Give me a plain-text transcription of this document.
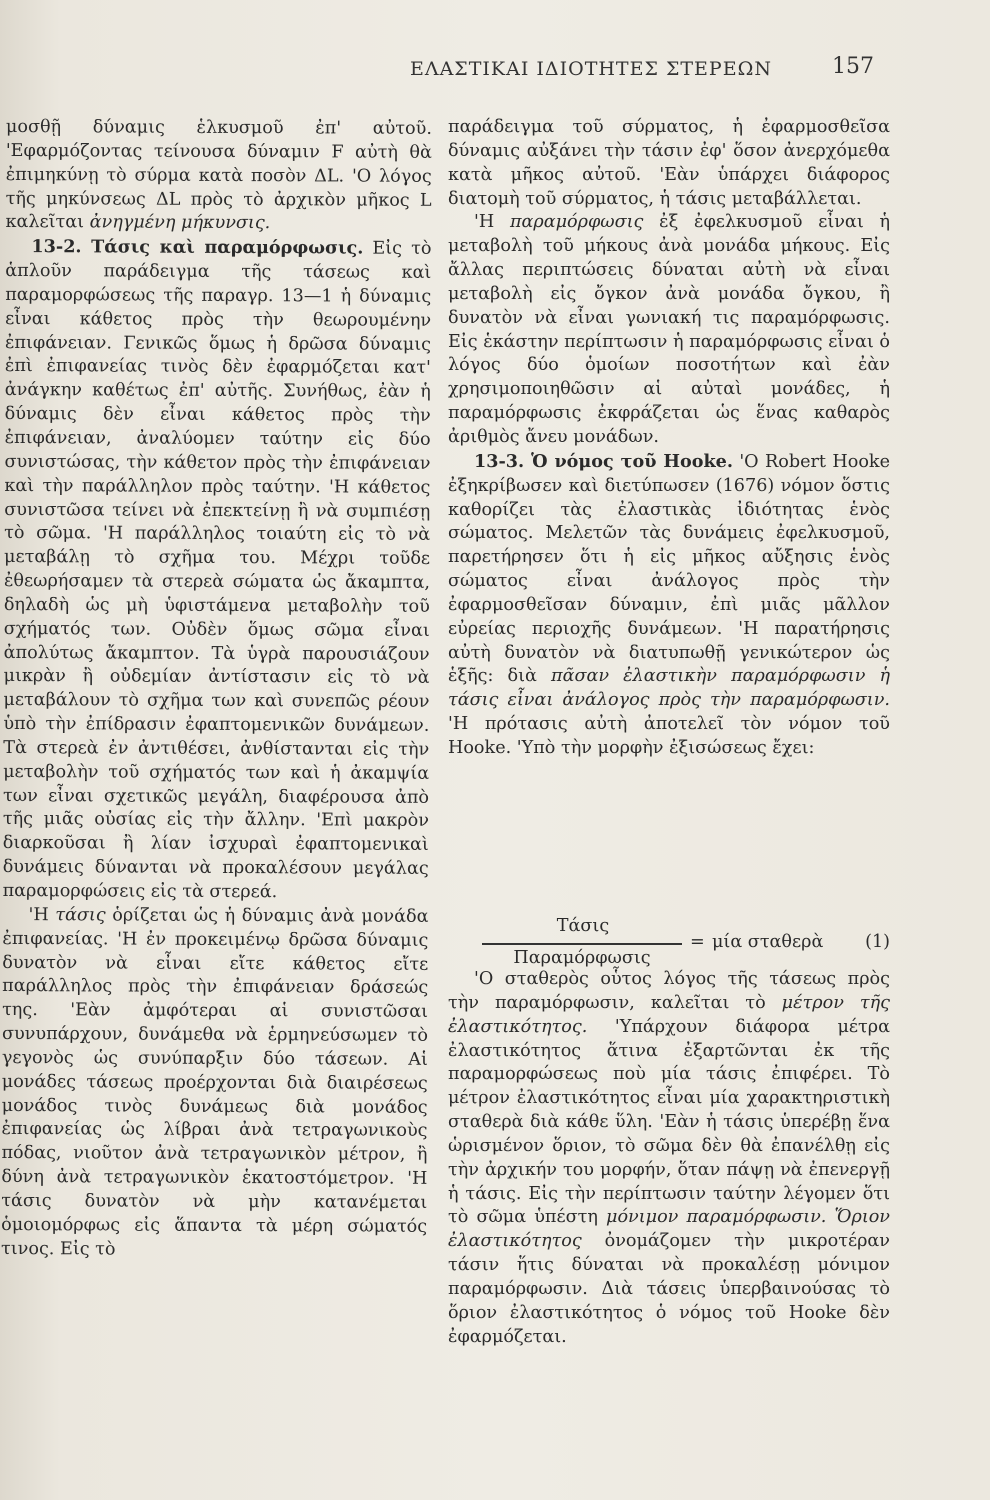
ΕΛΑΣΤΙΚΑΙ ΙΔΙΟΤΗΤΕΣ ΣΤΕΡΕΩΝ	157

μοσθῇ δύναμις ἑλκυσμοῦ ἐπ' αὐτοῦ. 'Εφαρμόζοντας τείνουσα δύναμιν F αὐτὴ θὰ ἐπιμηκύνῃ τὸ σύρμα κατὰ ποσὸν ΔL. 'Ο λόγος τῆς μηκύνσεως ΔL πρὸς τὸ ἀρχικὸν μῆκος L καλεῖται ἀνηγμένη μήκυνσις.

13-2. Τάσις καὶ παραμόρφωσις. Εἰς τὸ ἁπλοῦν παράδειγμα τῆς τάσεως καὶ παραμορφώσεως τῆς παραγρ. 13—1 ἡ δύναμις εἶναι κάθετος πρὸς τὴν θεωρουμένην ἐπιφάνειαν. Γενικῶς ὅμως ἡ δρῶσα δύναμις ἐπὶ ἐπιφανείας τινὸς δὲν ἐφαρμόζεται κατ' ἀνάγκην καθέτως ἐπ' αὐτῆς. Συνήθως, ἐὰν ἡ δύναμις δὲν εἶναι κάθετος πρὸς τὴν ἐπιφάνειαν, ἀναλύομεν ταύτην εἰς δύο συνιστώσας, τὴν κάθετον πρὸς τὴν ἐπιφάνειαν καὶ τὴν παράλληλον πρὸς ταύτην. 'Η κάθετος συνιστῶσα τείνει νὰ ἐπεκτείνῃ ἢ νὰ συμπιέσῃ τὸ σῶμα. 'Η παράλληλος τοιαύτη εἰς τὸ νὰ μεταβάλῃ τὸ σχῆμα του. Μέχρι τοῦδε ἐθεωρήσαμεν τὰ στερεὰ σώματα ὡς ἄκαμπτα, δηλαδὴ ὡς μὴ ὑφιστάμενα μεταβολὴν τοῦ σχήματός των. Οὐδὲν ὅμως σῶμα εἶναι ἀπολύτως ἄκαμπτον. Τὰ ὑγρὰ παρουσιάζουν μικρὰν ἢ οὐδεμίαν ἀντίστασιν εἰς τὸ νὰ μεταβάλουν τὸ σχῆμα των καὶ συνεπῶς ρέουν ὑπὸ τὴν ἐπίδρασιν ἐφαπτομενικῶν δυνάμεων. Τὰ στερεὰ ἐν ἀντιθέσει, ἀνθίστανται εἰς τὴν μεταβολὴν τοῦ σχήματός των καὶ ἡ ἀκαμψία των εἶναι σχετικῶς μεγάλη, διαφέρουσα ἀπὸ τῆς μιᾶς οὐσίας εἰς τὴν ἄλλην. 'Επὶ μακρὸν διαρκοῦσαι ἢ λίαν ἰσχυραὶ ἐφαπτομενικαὶ δυνάμεις δύνανται νὰ προκαλέσουν μεγάλας παραμορφώσεις εἰς τὰ στερεά.

'Η τάσις ὁρίζεται ὡς ἡ δύναμις ἀνὰ μονάδα ἐπιφανείας. 'Η ἐν προκειμένῳ δρῶσα δύναμις δυνατὸν νὰ εἶναι εἴτε κάθετος εἴτε παράλληλος πρὸς τὴν ἐπιφάνειαν δράσεώς της. 'Εὰν ἀμφότεραι αἱ συνιστῶσαι συνυπάρχουν, δυνάμεθα νὰ ἑρμηνεύσωμεν τὸ γεγονὸς ὡς συνύπαρξιν δύο τάσεων. Αἱ μονάδες τάσεως προέρχονται διὰ διαιρέσεως μονάδος τινὸς δυνάμεως διὰ μονάδος ἐπιφανείας ὡς λίβραι ἀνὰ τετραγωνικοὺς πόδας, νιοῦτον ἀνὰ τετραγωνικὸν μέτρον, ἢ δύνη ἀνὰ τετραγωνικὸν ἑκατοστόμετρον. 'Η τάσις δυνατὸν νὰ μὴν κατανέμεται ὁμοιομόρφως εἰς ἅπαντα τὰ μέρη σώματός τινος. Εἰς τὸ

παράδειγμα τοῦ σύρματος, ἡ ἐφαρμοσθεῖσα δύναμις αὐξάνει τὴν τάσιν ἐφ' ὅσον ἀνερχόμεθα κατὰ μῆκος αὐτοῦ. 'Εὰν ὑπάρχει διάφορος διατομὴ τοῦ σύρματος, ἡ τάσις μεταβάλλεται.

'Η παραμόρφωσις ἐξ ἐφελκυσμοῦ εἶναι ἡ μεταβολὴ τοῦ μήκους ἀνὰ μονάδα μήκους. Εἰς ἄλλας περιπτώσεις δύναται αὐτὴ νὰ εἶναι μεταβολὴ εἰς ὄγκον ἀνὰ μονάδα ὄγκου, ἢ δυνατὸν νὰ εἶναι γωνιακή τις παραμόρφωσις. Εἰς ἑκάστην περίπτωσιν ἡ παραμόρφωσις εἶναι ὁ λόγος δύο ὁμοίων ποσοτήτων καὶ ἐὰν χρησιμοποιηθῶσιν αἱ αὐταὶ μονάδες, ἡ παραμόρφωσις ἐκφράζεται ὡς ἕνας καθαρὸς ἀριθμὸς ἄνευ μονάδων.

13-3. Ὁ νόμος τοῦ Hooke. 'Ο Robert Hooke ἐξηκρίβωσεν καὶ διετύπωσεν (1676) νόμον ὅστις καθορίζει τὰς ἐλαστικὰς ἰδιότητας ἑνὸς σώματος. Μελετῶν τὰς δυνάμεις ἐφελκυσμοῦ, παρετήρησεν ὅτι ἡ εἰς μῆκος αὔξησις ἑνὸς σώματος εἶναι ἀνάλογος πρὸς τὴν ἐφαρμοσθεῖσαν δύναμιν, ἐπὶ μιᾶς μᾶλλον εὐρείας περιοχῆς δυνάμεων. 'Η παρατήρησις αὐτὴ δυνατὸν νὰ διατυπωθῇ γενικώτερον ὡς ἑξῆς: διὰ πᾶσαν ἐλαστικὴν παραμόρφωσιν ἡ τάσις εἶναι ἀνάλογος πρὸς τὴν παραμόρφωσιν. 'Η πρότασις αὐτὴ ἀποτελεῖ τὸν νόμον τοῦ Hooke. 'Υπὸ τὴν μορφὴν ἐξισώσεως ἔχει:

Τάσις
Παραμόρφωσις
= μία σταθερὰ (1)

'Ο σταθερὸς οὗτος λόγος τῆς τάσεως πρὸς τὴν παραμόρφωσιν, καλεῖται τὸ μέτρον τῆς ἐλαστικότητος. 'Υπάρχουν διάφορα μέτρα ἐλαστικότητος ἅτινα ἐξαρτῶνται ἐκ τῆς παραμορφώσεως ποὺ μία τάσις ἐπιφέρει. Τὸ μέτρον ἐλαστικότητος εἶναι μία χαρακτηριστικὴ σταθερὰ διὰ κάθε ὕλη. 'Εὰν ἡ τάσις ὑπερέβῃ ἕνα ὡρισμένον ὅριον, τὸ σῶμα δὲν θὰ ἐπανέλθῃ εἰς τὴν ἀρχικήν του μορφήν, ὅταν πάψῃ νὰ ἐπενεργῇ ἡ τάσις. Εἰς τὴν περίπτωσιν ταύτην λέγομεν ὅτι τὸ σῶμα ὑπέστη μόνιμον παραμόρφωσιν. Ὅριον ἐλαστικότητος ὀνομάζομεν τὴν μικροτέραν τάσιν ἥτις δύναται νὰ προκαλέσῃ μόνιμον παραμόρφωσιν. Διὰ τάσεις ὑπερβαινούσας τὸ ὅριον ἐλαστικότητος ὁ νόμος τοῦ Hooke δὲν ἐφαρμόζεται.
